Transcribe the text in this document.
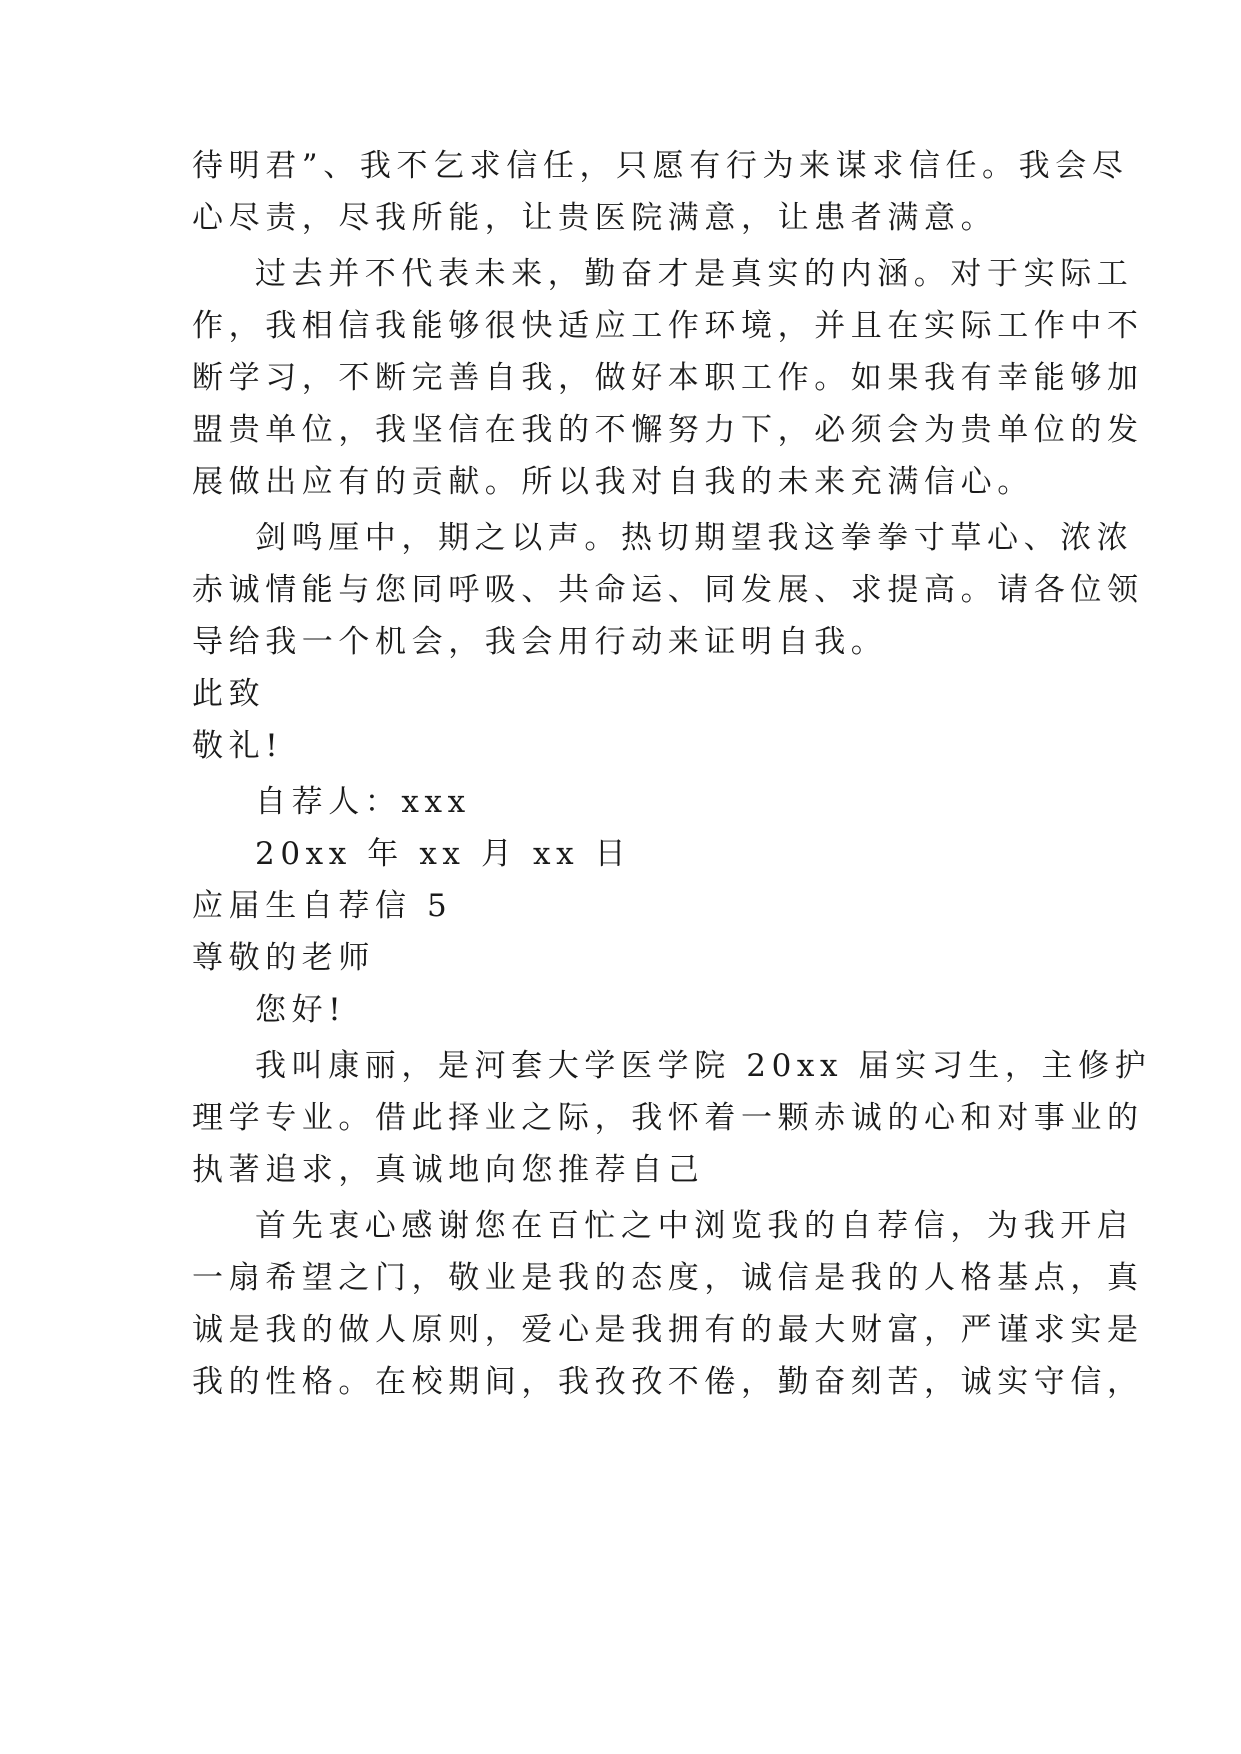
待明君”、我不乞求信任，只愿有行为来谋求信任。我会尽
心尽责，尽我所能，让贵医院满意，让患者满意。
过去并不代表未来，勤奋才是真实的内涵。对于实际工
作，我相信我能够很快适应工作环境，并且在实际工作中不
断学习，不断完善自我，做好本职工作。如果我有幸能够加
盟贵单位，我坚信在我的不懈努力下，必须会为贵单位的发
展做出应有的贡献。所以我对自我的未来充满信心。
剑鸣厘中，期之以声。热切期望我这拳拳寸草心、浓浓
赤诚情能与您同呼吸、共命运、同发展、求提高。请各位领
导给我一个机会，我会用行动来证明自我。
此致
敬礼!
自荐人：xxx
20xx 年 xx 月 xx 日
应届生自荐信 5
尊敬的老师
您好!
我叫康丽，是河套大学医学院 20xx 届实习生，主修护
理学专业。借此择业之际，我怀着一颗赤诚的心和对事业的
执著追求，真诚地向您推荐自己
首先衷心感谢您在百忙之中浏览我的自荐信，为我开启
一扇希望之门，敬业是我的态度，诚信是我的人格基点，真
诚是我的做人原则，爱心是我拥有的最大财富，严谨求实是
我的性格。在校期间，我孜孜不倦，勤奋刻苦，诚实守信，
